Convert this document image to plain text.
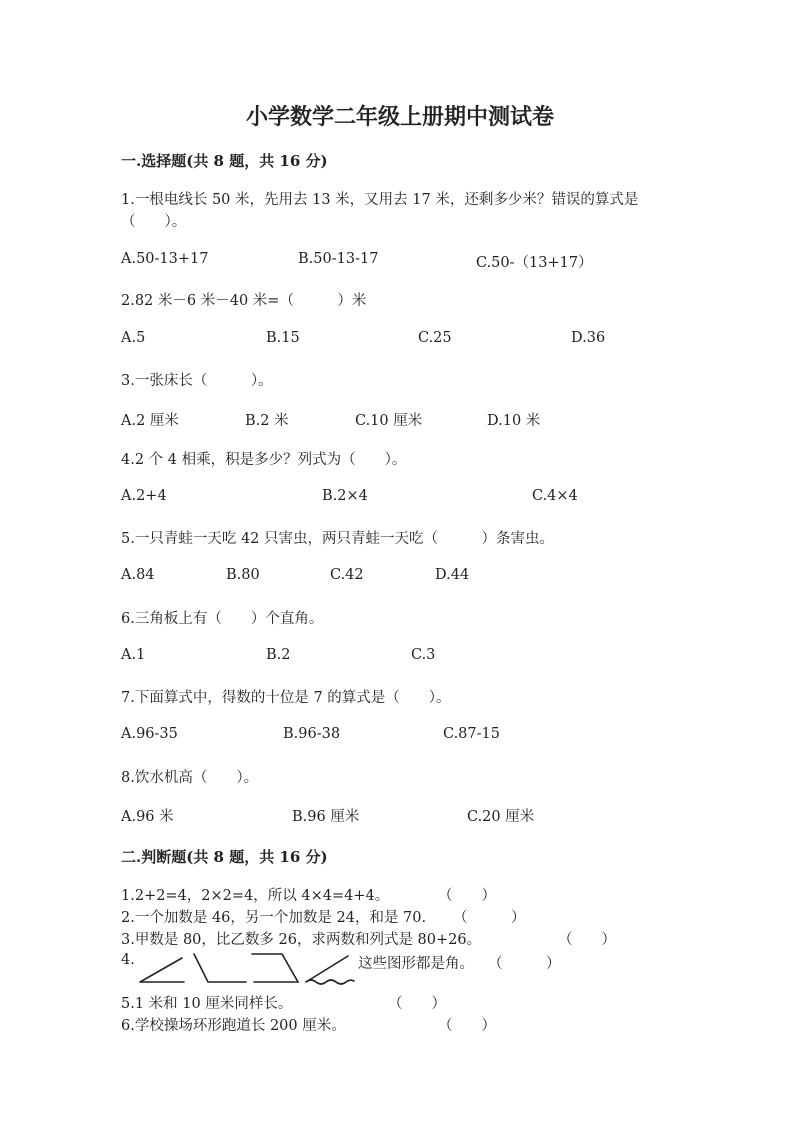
小学数学二年级上册期中测试卷
一.选择题(共 8 题，共 16 分)
1.一根电线长 50 米，先用去 13 米，又用去 17 米，还剩多少米？错误的算式是
（　　）。
A.50-13+17	B.50-13-17	C.50-（13+17）
2.82 米－6 米－40 米=（　　　）米
A.5	B.15	C.25	D.36
3.一张床长（　　　）。
A.2 厘米	B.2 米	C.10 厘米	D.10 米
4.2 个 4 相乘，积是多少？列式为（　　）。
A.2+4	B.2×4	C.4×4
5.一只青蛙一天吃 42 只害虫，两只青蛙一天吃（　　　）条害虫。
A.84	B.80	C.42	D.44
6.三角板上有（　　）个直角。
A.1	B.2	C.3
7.下面算式中，得数的十位是 7 的算式是（　　）。
A.96-35	B.96-38	C.87-15
8.饮水机高（　　）。
A.96 米	B.96 厘米	C.20 厘米
二.判断题(共 8 题，共 16 分)
1.2+2=4，2×2=4，所以 4×4=4+4。	（　　）
2.一个加数是 46，另一个加数是 24，和是 70. （　　　）
3.甲数是 80，比乙数多 26，求两数和列式是 80+26。	（　　）
4.	这些图形都是角。 （　　　）
5.1 米和 10 厘米同样长。	（　　）
6.学校操场环形跑道长 200 厘米。	（　　）
